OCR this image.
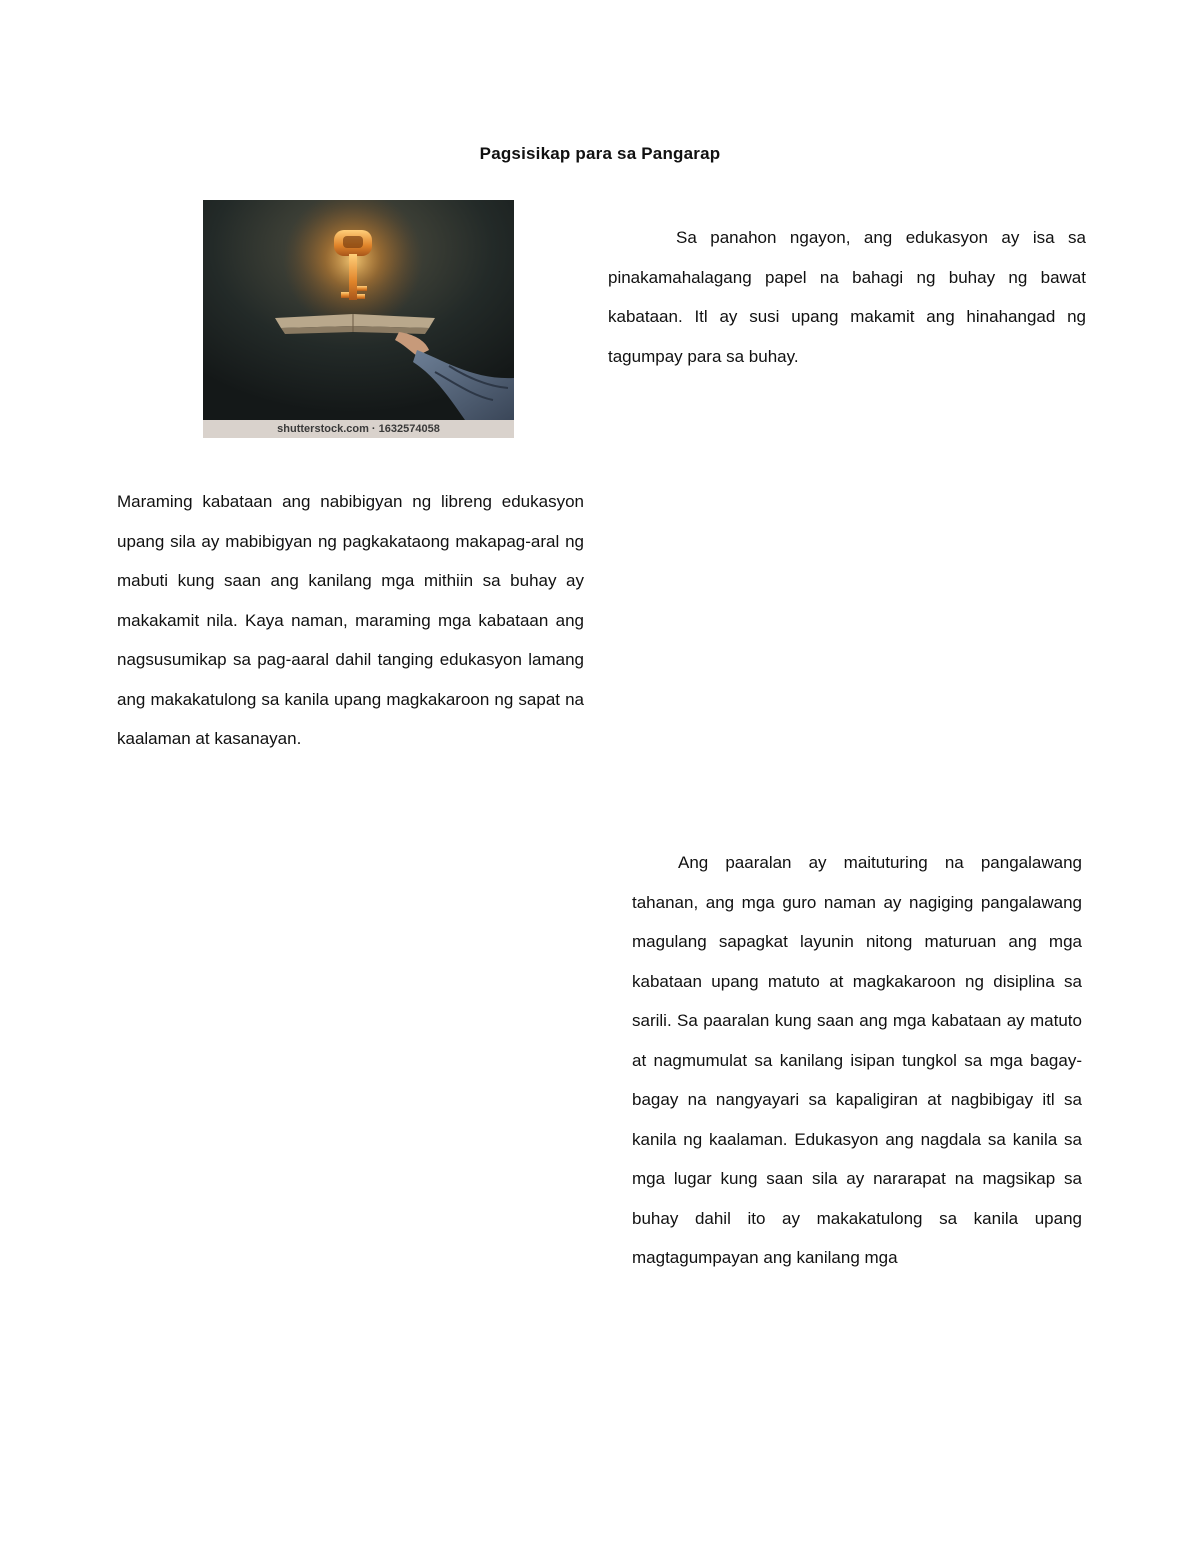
Pagsisikap para sa Pangarap
shutterstock.com · 1632574058

Sa panahon ngayon, ang edukasyon ay isa sa pinakamahalagang papel na bahagi ng buhay ng bawat kabataan. Itl ay susi upang makamit ang hinahangad ng tagumpay para sa buhay.

Maraming kabataan ang nabibigyan ng libreng edukasyon upang sila ay mabibigyan ng pagkakataong makapag-aral ng mabuti kung saan ang kanilang mga mithiin sa buhay ay makakamit nila. Kaya naman, maraming mga kabataan ang nagsusumikap sa pag-aaral dahil tanging edukasyon lamang ang makakatulong sa kanila upang magkakaroon ng sapat na kaalaman at kasanayan.

Ang paaralan ay maituturing na pangalawang tahanan, ang mga guro naman ay nagiging pangalawang magulang sapagkat layunin nitong maturuan ang mga kabataan upang matuto at magkakaroon ng disiplina sa sarili. Sa paaralan kung saan ang mga kabataan ay matuto at nagmumulat sa kanilang isipan tungkol sa mga bagay-bagay na nangyayari sa kapaligiran at nagbibigay itl sa kanila ng kaalaman. Edukasyon ang nagdala sa kanila sa mga lugar kung saan sila ay nararapat na magsikap sa buhay dahil ito ay makakatulong sa kanila upang magtagumpayan ang kanilang mga
